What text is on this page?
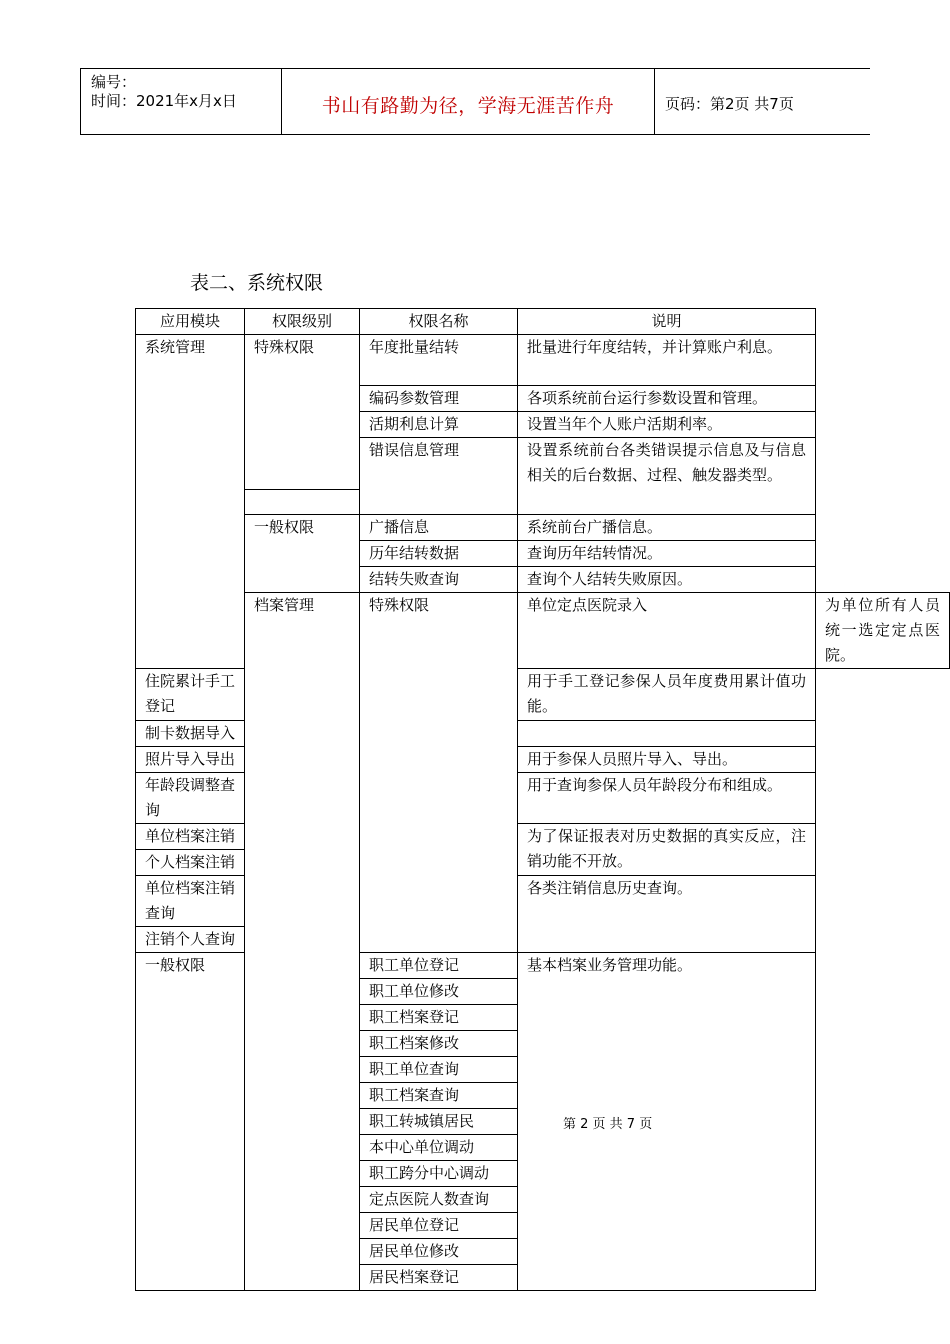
编号：
时间：2021年x月x日	书山有路勤为径，学海无涯苦作舟	页码：第2页 共7页
表二、系统权限
应用模块	权限级别	权限名称	说明	
系统管理	特殊权限	年度批量结转	批量进行年度结转，并计算账户利息。	

		编码参数管理	各项系统前台运行参数设置和管理。	
		活期利息计算	设置当年个人账户活期利率。	
		错误信息管理	设置系统前台各类错误提示信息及与信息相关的后台数据、过程、触发器类型。	

	一般权限	广播信息	系统前台广播信息。	
		历年结转数据	查询历年结转情况。	
		结转失败查询	查询个人结转失败原因。	
	档案管理	特殊权限	单位定点医院录入	为单位所有人员统一选定定点医院。
住院累计手工登记			用于手工登记参保人员年度费用累计值功能。	

制卡数据导入				
照片导入导出			用于参保人员照片导入、导出。	
年龄段调整查询			用于查询参保人员年龄段分布和组成。	

单位档案注销			为了保证报表对历史数据的真实反应，注销功能不开放。	
个人档案注销				
单位档案注销查询			各类注销信息历史查询。	
注销个人查询				
一般权限		职工单位登记	基本档案业务管理功能。	
		职工单位修改		
		职工档案登记		
		职工档案修改		
		职工单位查询		
		职工档案查询		
		职工转城镇居民		
		本中心单位调动		
		职工跨分中心调动		
		定点医院人数查询		
		居民单位登记		
		居民单位修改		
		居民档案登记		
第 2 页 共 7 页
